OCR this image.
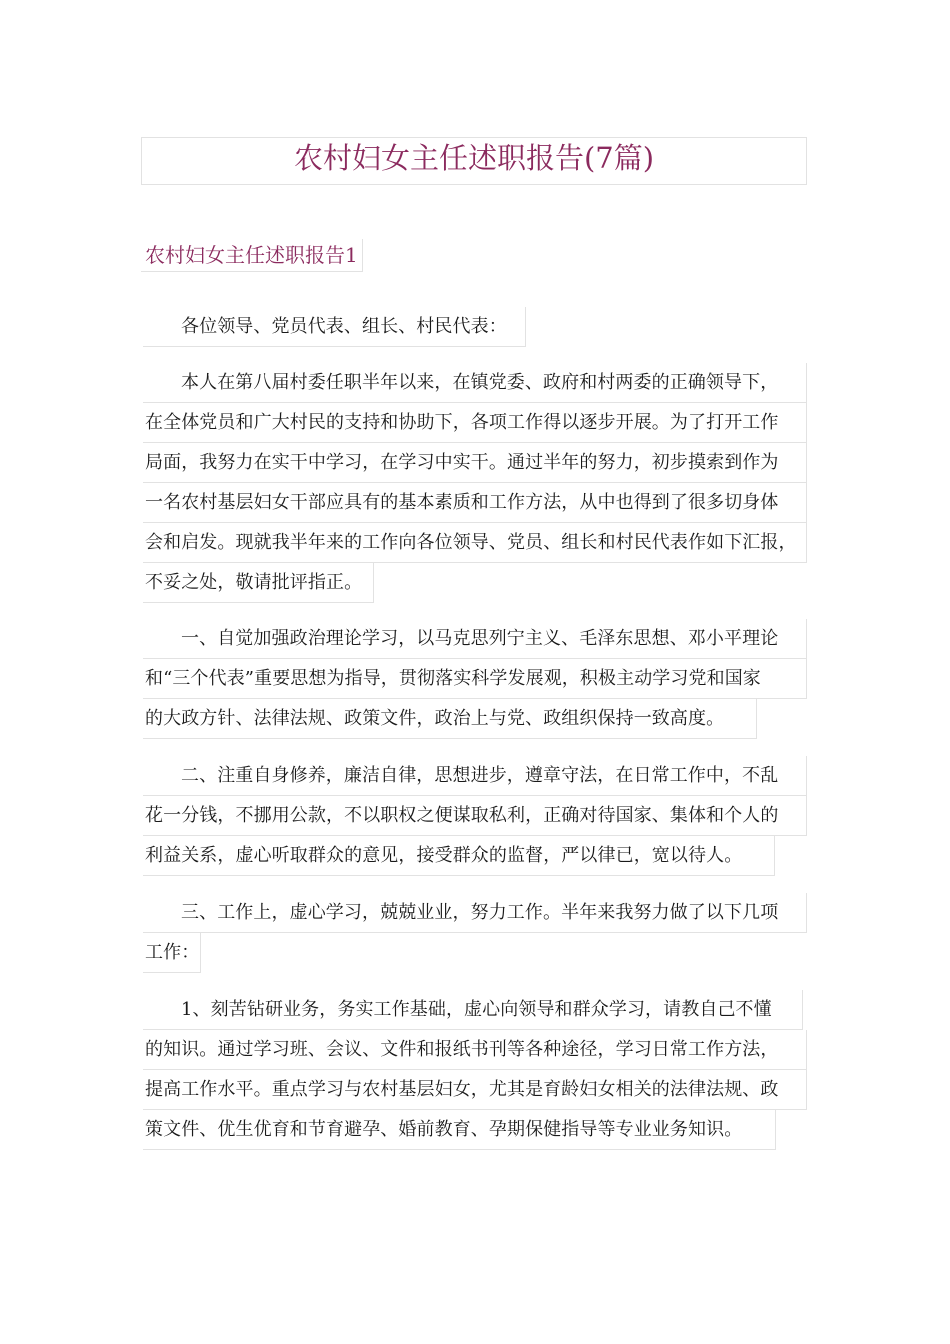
农村妇女主任述职报告(7篇)
农村妇女主任述职报告1
各位领导、党员代表、组长、村民代表：
本人在第八届村委任职半年以来，在镇党委、政府和村两委的正确领导下，
在全体党员和广大村民的支持和协助下，各项工作得以逐步开展。为了打开工作
局面，我努力在实干中学习，在学习中实干。通过半年的努力，初步摸索到作为
一名农村基层妇女干部应具有的基本素质和工作方法，从中也得到了很多切身体
会和启发。现就我半年来的工作向各位领导、党员、组长和村民代表作如下汇报，
不妥之处，敬请批评指正。
一、自觉加强政治理论学习，以马克思列宁主义、毛泽东思想、邓小平理论
和“三个代表”重要思想为指导，贯彻落实科学发展观，积极主动学习党和国家
的大政方针、法律法规、政策文件，政治上与党、政组织保持一致高度。
二、注重自身修养，廉洁自律，思想进步，遵章守法，在日常工作中，不乱
花一分钱，不挪用公款，不以职权之便谋取私利，正确对待国家、集体和个人的
利益关系，虚心听取群众的意见，接受群众的监督，严以律已，宽以待人。
三、工作上，虚心学习，兢兢业业，努力工作。半年来我努力做了以下几项
工作：
1、刻苦钻研业务，务实工作基础，虚心向领导和群众学习，请教自己不懂
的知识。通过学习班、会议、文件和报纸书刊等各种途径，学习日常工作方法，
提高工作水平。重点学习与农村基层妇女，尤其是育龄妇女相关的法律法规、政
策文件、优生优育和节育避孕、婚前教育、孕期保健指导等专业业务知识。
